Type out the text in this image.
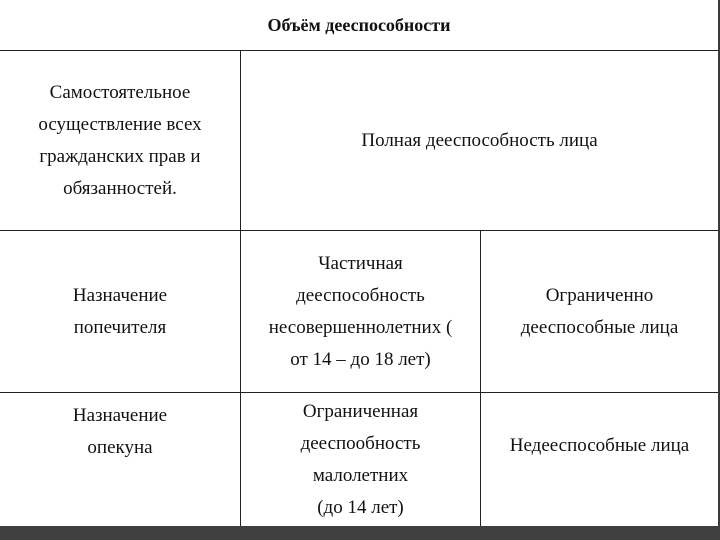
Объём дееспособности
Самостоятельное
осуществление всех
гражданских прав и
обязанностей.
Полная дееспособность лица
Назначение
попечителя
Частичная
дееспособность
несовершеннолетних (
от 14 – до 18 лет)
Ограниченно
дееспособные лица
Назначение
опекуна
Ограниченная
дееспообность
малолетних
(до 14 лет)
Недееспособные лица
